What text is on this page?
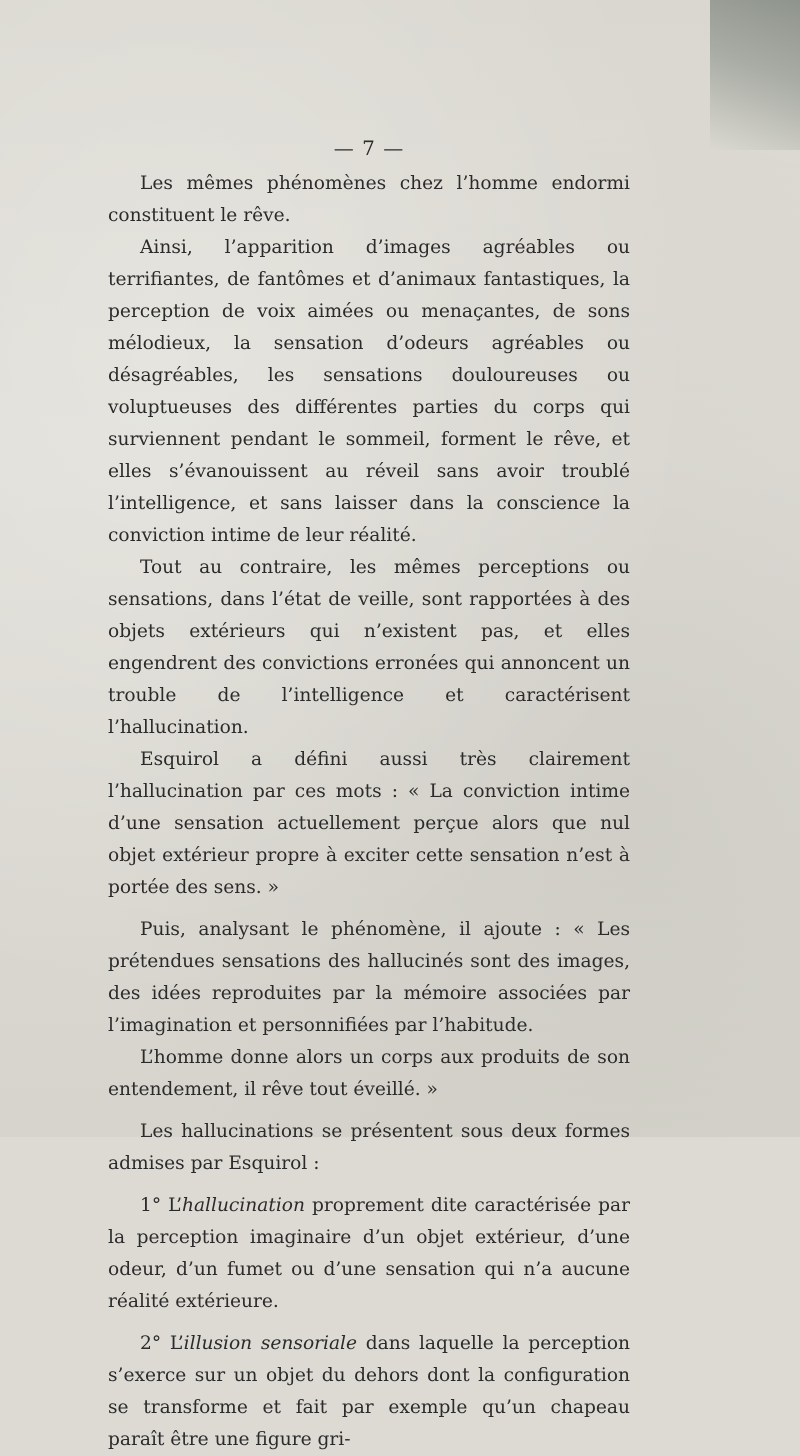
— 7 —

Les mêmes phénomènes chez l’homme endormi constituent le rêve.

Ainsi, l’apparition d’images agréables ou terrifiantes, de fantômes et d’animaux fantastiques, la perception de voix aimées ou menaçantes, de sons mélodieux, la sensation d’odeurs agréables ou désagréables, les sensations douloureuses ou voluptueuses des différentes parties du corps qui surviennent pendant le sommeil, forment le rêve, et elles s’évanouissent au réveil sans avoir troublé l’intelligence, et sans laisser dans la conscience la conviction intime de leur réalité.

Tout au contraire, les mêmes perceptions ou sensations, dans l’état de veille, sont rapportées à des objets extérieurs qui n’existent pas, et elles engendrent des convictions erronées qui annoncent un trouble de l’intelligence et caractérisent l’hallucination.

Esquirol a défini aussi très clairement l’hallucination par ces mots : « La conviction intime d’une sensation actuellement perçue alors que nul objet extérieur propre à exciter cette sensation n’est à portée des sens. »

Puis, analysant le phénomène, il ajoute : « Les prétendues sensations des hallucinés sont des images, des idées reproduites par la mémoire associées par l’imagination et personnifiées par l’habitude.

L’homme donne alors un corps aux produits de son entendement, il rêve tout éveillé. »

Les hallucinations se présentent sous deux formes admises par Esquirol :

1° L’hallucination proprement dite caractérisée par la perception imaginaire d’un objet extérieur, d’une odeur, d’un fumet ou d’une sensation qui n’a aucune réalité extérieure.

2° L’illusion sensoriale dans laquelle la perception s’exerce sur un objet du dehors dont la configuration se transforme et fait par exemple qu’un chapeau paraît être une figure gri-
